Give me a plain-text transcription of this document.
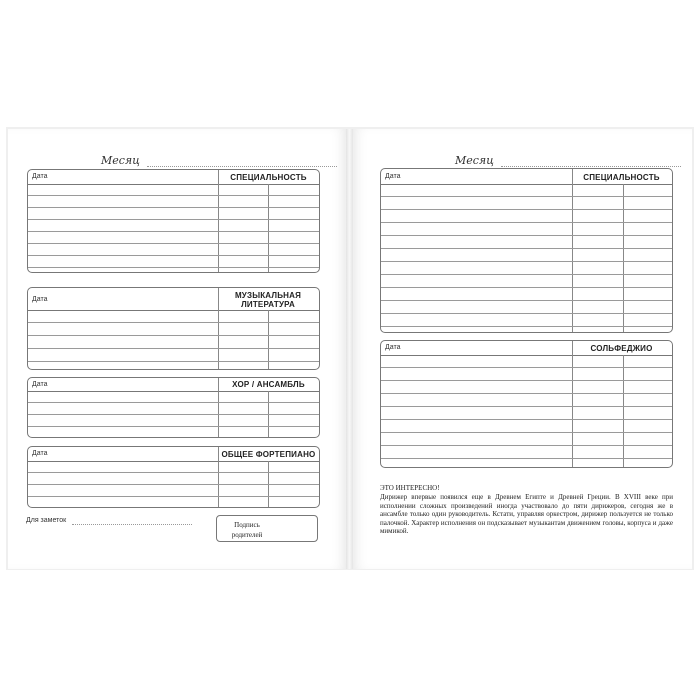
Месяц
Дата	СПЕЦИАЛЬНОСТЬ
Дата	МУЗЫКАЛЬНАЯ ЛИТЕРАТУРА
Дата	ХОР / АНСАМБЛЬ
Дата	ОБЩЕЕ ФОРТЕПИАНО
Для заметок
Подпись родителей
Месяц
Дата	СПЕЦИАЛЬНОСТЬ
Дата	СОЛЬФЕДЖИО
ЭТО ИНТЕРЕСНО!
Дирижер впервые появился еще в Древнем Египте и Древней Греции. В XVIII веке при исполнении сложных произведений иногда участвовало до пяти дирижеров, сегодня же в ансамбле только один руководитель. Кстати, управляя оркестром, дирижер пользуется не только палочкой. Характер исполнения он подсказывает музыкантам движением головы, корпуса и даже мимикой.
